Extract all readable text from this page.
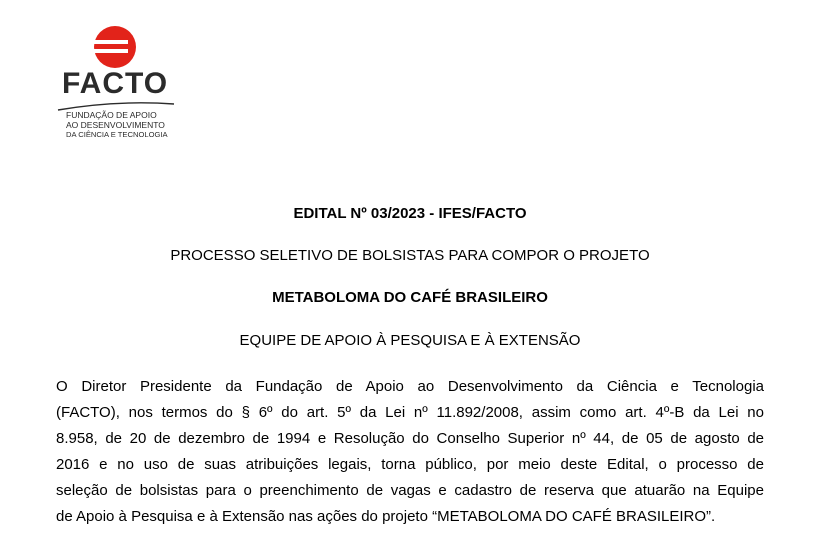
FACTO
FUNDAÇÃO DE APOIO
AO DESENVOLVIMENTO
DA CIÊNCIA E TECNOLOGIA
EDITAL Nº 03/2023 - IFES/FACTO
PROCESSO SELETIVO DE BOLSISTAS PARA COMPOR O PROJETO
METABOLOMA DO CAFÉ BRASILEIRO
EQUIPE DE APOIO À PESQUISA E À EXTENSÃO
O Diretor Presidente da Fundação de Apoio ao Desenvolvimento da Ciência e Tecnologia
(FACTO), nos termos do § 6º do art. 5º da Lei nº 11.892/2008, assim como art. 4º-B da Lei no
8.958, de 20 de dezembro de 1994 e Resolução do Conselho Superior nº 44, de 05 de agosto de
2016 e no uso de suas atribuições legais, torna público, por meio deste Edital, o processo de
seleção de bolsistas para o preenchimento de vagas e cadastro de reserva que atuarão na Equipe
de Apoio à Pesquisa e à Extensão nas ações do projeto “METABOLOMA DO CAFÉ BRASILEIRO”.
